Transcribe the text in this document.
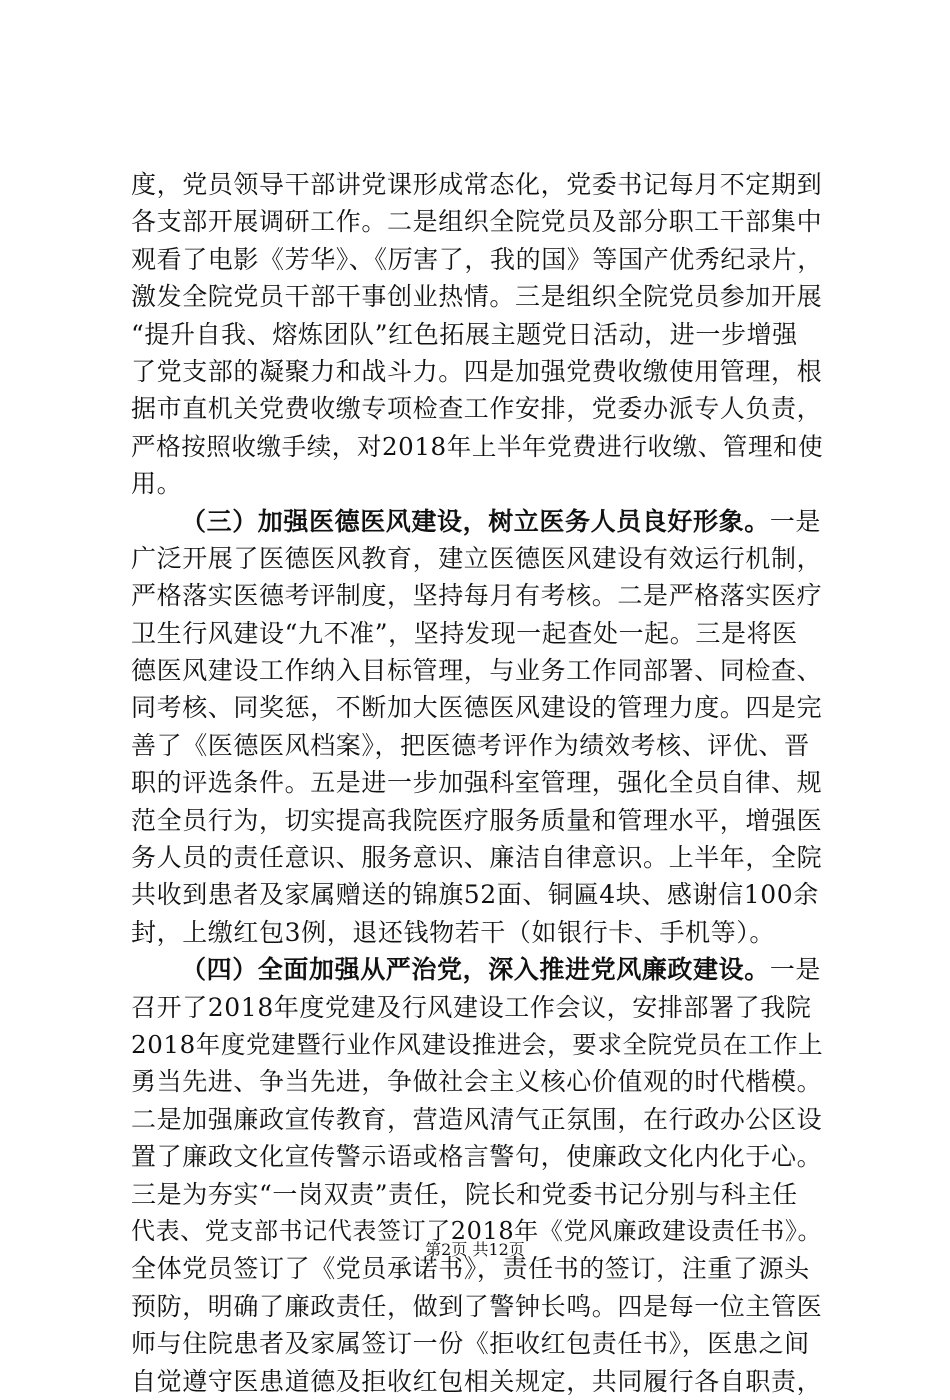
度，党员领导干部讲党课形成常态化，党委书记每月不定期到
各支部开展调研工作。二是组织全院党员及部分职工干部集中
观看了电影《芳华》、《厉害了，我的国》等国产优秀纪录片，
激发全院党员干部干事创业热情。三是组织全院党员参加开展
“提升自我、熔炼团队”红色拓展主题党日活动，进一步增强
了党支部的凝聚力和战斗力。四是加强党费收缴使用管理，根
据市直机关党费收缴专项检查工作安排，党委办派专人负责，
严格按照收缴手续，对2018年上半年党费进行收缴、管理和使
用。
（三）加强医德医风建设，树立医务人员良好形象。一是
广泛开展了医德医风教育，建立医德医风建设有效运行机制，
严格落实医德考评制度，坚持每月有考核。二是严格落实医疗
卫生行风建设“九不准”，坚持发现一起查处一起。三是将医
德医风建设工作纳入目标管理，与业务工作同部署、同检查、
同考核、同奖惩，不断加大医德医风建设的管理力度。四是完
善了《医德医风档案》，把医德考评作为绩效考核、评优、晋
职的评选条件。五是进一步加强科室管理，强化全员自律、规
范全员行为，切实提高我院医疗服务质量和管理水平，增强医
务人员的责任意识、服务意识、廉洁自律意识。上半年，全院
共收到患者及家属赠送的锦旗52面、铜匾4块、感谢信100余
封，上缴红包3例，退还钱物若干（如银行卡、手机等）。
（四）全面加强从严治党，深入推进党风廉政建设。一是
召开了2018年度党建及行风建设工作会议，安排部署了我院
2018年度党建暨行业作风建设推进会，要求全院党员在工作上
勇当先进、争当先进，争做社会主义核心价值观的时代楷模。
二是加强廉政宣传教育，营造风清气正氛围，在行政办公区设
置了廉政文化宣传警示语或格言警句，使廉政文化内化于心。
三是为夯实“一岗双责”责任，院长和党委书记分别与科主任
代表、党支部书记代表签订了2018年《党风廉政建设责任书》。
全体党员签订了《党员承诺书》，责任书的签订，注重了源头
预防，明确了廉政责任，做到了警钟长鸣。四是每一位主管医
师与住院患者及家属签订一份《拒收红包责任书》，医患之间
自觉遵守医患道德及拒收红包相关规定，共同履行各自职责，
第2页 共12页
